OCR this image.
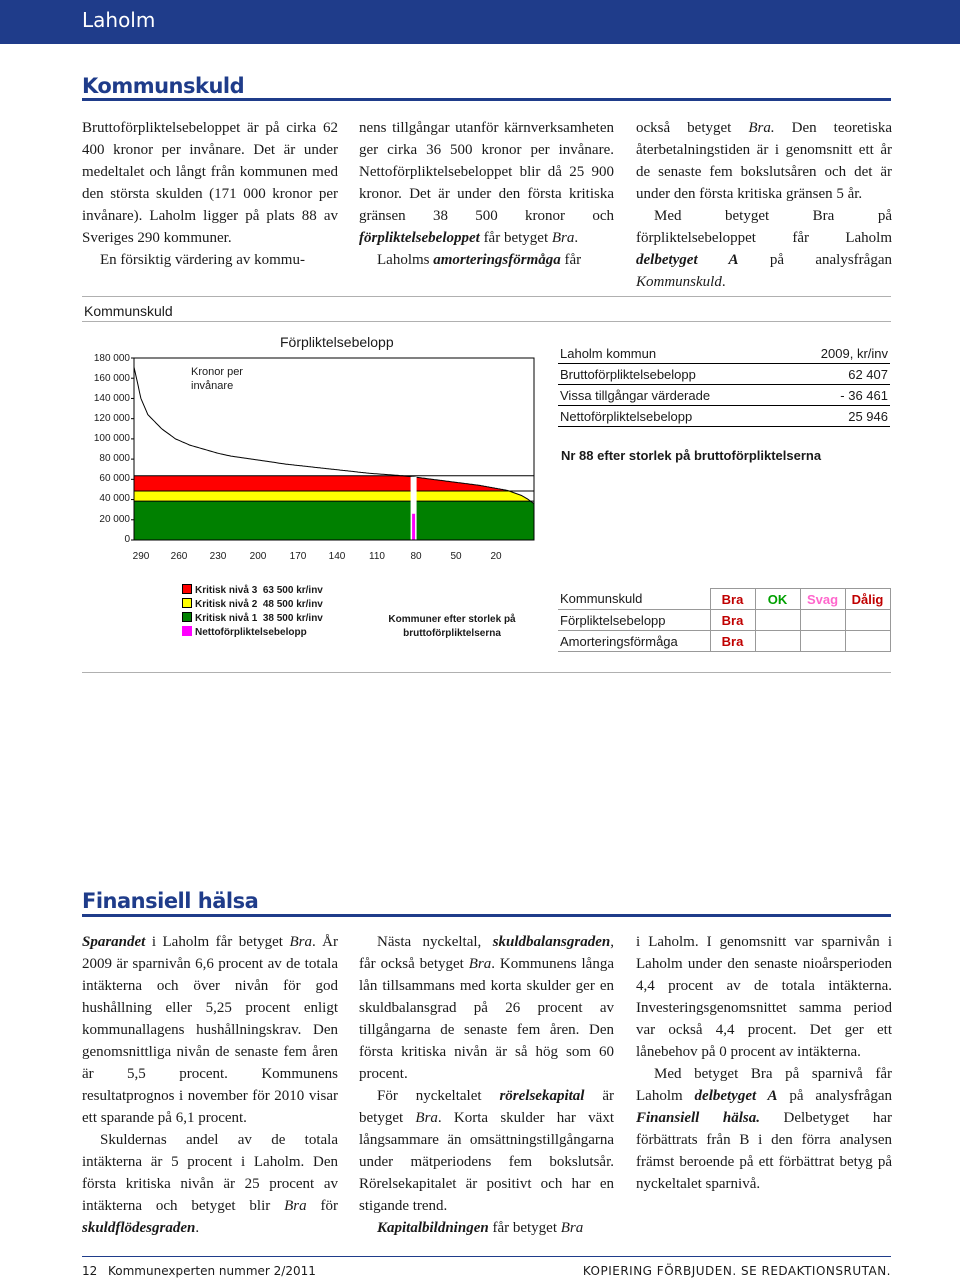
Laholm
Kommunskuld

Bruttoförpliktelsebeloppet är på cirka 62 400 kronor per invånare. Det är under medeltalet och långt från kommunen med den största skulden (171 000 kronor per invånare). Laholm ligger på plats 88 av Sveriges 290 kommuner.

En försiktig värdering av kommu-

nens tillgångar utanför kärnverksamheten ger cirka 36 500 kronor per invånare. Nettoförpliktelsebeloppet blir då 25 900 kronor. Det är under den första kritiska gränsen 38 500 kronor och förpliktelsebeloppet får betyget Bra.

Laholms amorteringsförmåga får

också betyget Bra. Den teoretiska återbetalningstiden är i genomsnitt ett år de senaste fem bokslutsåren och det är under den första kritiska gränsen 5 år.

Med betyget Bra på förpliktelsebeloppet får Laholm delbetyget A på analysfrågan Kommunskuld.

Kommunskuld
Förpliktelsebelopp
Kronor per invånare
180 000
160 000
140 000
120 000
100 000
80 000
60 000
40 000
20 000
0
290	260	230	200	170	140	110	80	50	20
Laholm kommun	2009, kr/inv
Bruttoförpliktelsebelopp	62 407
Vissa tillgångar värderade	- 36 461
Nettoförpliktelsebelopp	25 946
Nr 88 efter storlek på bruttoförpliktelserna
Kritisk nivå 3 63 500 kr/inv
Kritisk nivå 2 48 500 kr/inv
Kritisk nivå 1 38 500 kr/inv
Nettoförpliktelsebelopp
Kommuner efter storlek på bruttoförpliktelserna
Kommunskuld	Bra	OK	Svag	Dålig
Förpliktelsebelopp	Bra			
Amorteringsförmåga	Bra			
Finansiell hälsa

Sparandet i Laholm får betyget Bra. År 2009 är sparnivån 6,6 procent av de totala intäkterna och över nivån för god hushållning eller 5,25 procent enligt kommunallagens hushållningskrav. Den genomsnittliga nivån de senaste fem åren är 5,5 procent. Kommunens resultatprognos i november för 2010 visar ett sparande på 6,1 procent.

Skuldernas andel av de totala intäkterna är 5 procent i Laholm. Den första kritiska nivån är 25 procent av intäkterna och betyget blir Bra för skuldflödesgraden.

Nästa nyckeltal, skuldbalansgraden, får också betyget Bra. Kommunens långa lån tillsammans med korta skulder ger en skuldbalansgrad på 26 procent av tillgångarna de senaste fem åren. Den första kritiska nivån är så hög som 60 procent.

För nyckeltalet rörelsekapital är betyget Bra. Korta skulder har växt långsammare än omsättningstillgångarna under mätperiodens fem bokslutsår. Rörelsekapitalet är positivt och har en stigande trend.

Kapitalbildningen får betyget Bra

i Laholm. I genomsnitt var sparnivån i Laholm under den senaste nioårsperioden 4,4 procent av de totala intäkterna. Investeringsgenomsnittet samma period var också 4,4 procent. Det ger ett lånebehov på 0 procent av intäkterna.

Med betyget Bra på sparnivå får Laholm delbetyget A på analysfrågan Finansiell hälsa. Delbetyget har förbättrats från B i den förra analysen främst beroende på ett förbättrat betyg på nyckeltalet sparnivå.

12 Kommunexperten nummer 2/2011	KOPIERING FÖRBJUDEN. SE REDAKTIONSRUTAN.
